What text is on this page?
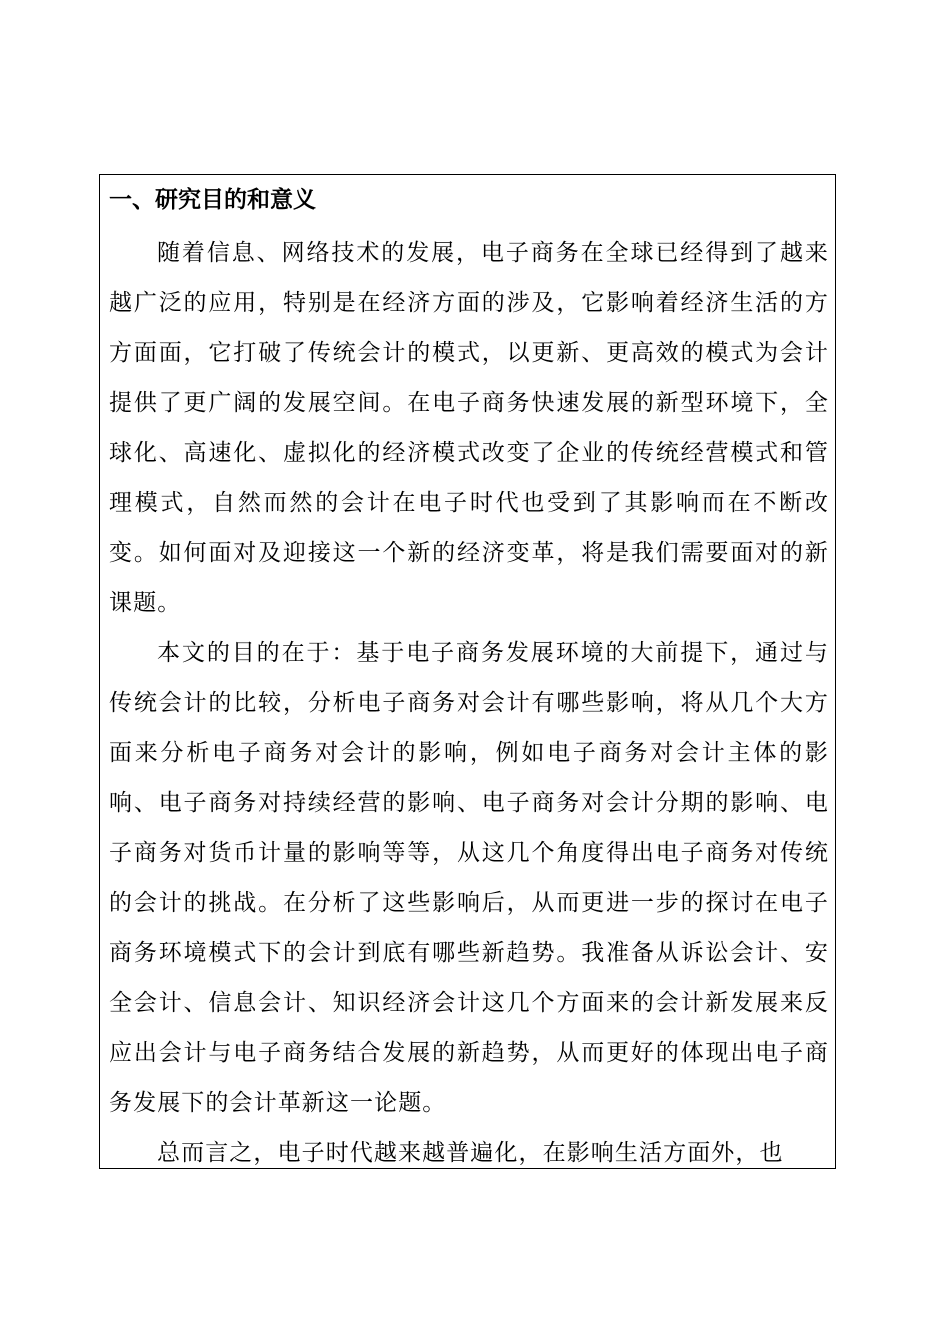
一、研究目的和意义

随着信息、网络技术的发展，电子商务在全球已经得到了越来越广泛的应用，特别是在经济方面的涉及，它影响着经济生活的方方面面，它打破了传统会计的模式，以更新、更高效的模式为会计提供了更广阔的发展空间。在电子商务快速发展的新型环境下，全球化、高速化、虚拟化的经济模式改变了企业的传统经营模式和管理模式，自然而然的会计在电子时代也受到了其影响而在不断改变。如何面对及迎接这一个新的经济变革，将是我们需要面对的新课题。

本文的目的在于：基于电子商务发展环境的大前提下，通过与传统会计的比较，分析电子商务对会计有哪些影响，将从几个大方面来分析电子商务对会计的影响，例如电子商务对会计主体的影响、电子商务对持续经营的影响、电子商务对会计分期的影响、电子商务对货币计量的影响等等，从这几个角度得出电子商务对传统的会计的挑战。在分析了这些影响后，从而更进一步的探讨在电子商务环境模式下的会计到底有哪些新趋势。我准备从诉讼会计、安全会计、信息会计、知识经济会计这几个方面来的会计新发展来反应出会计与电子商务结合发展的新趋势，从而更好的体现出电子商务发展下的会计革新这一论题。

总而言之，电子时代越来越普遍化，在影响生活方面外，也
